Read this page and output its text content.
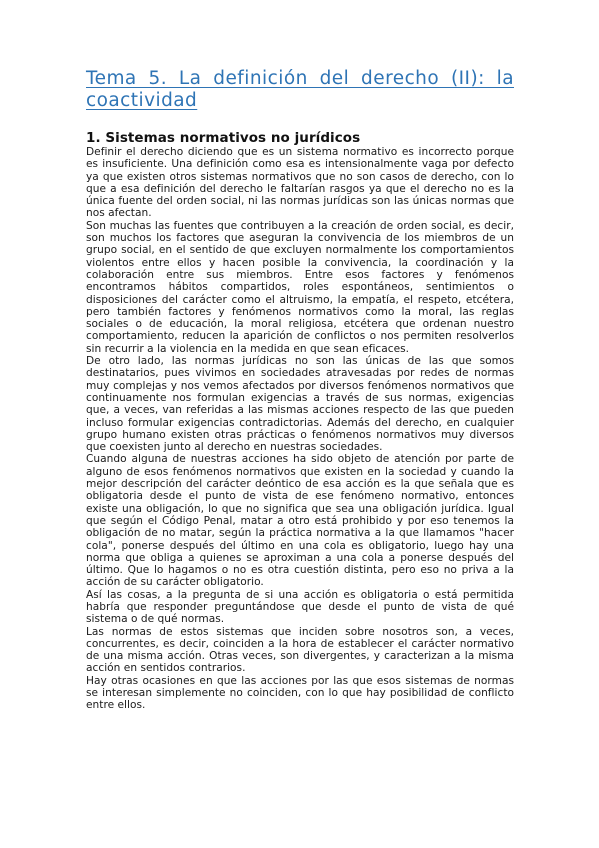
Tema 5. La definición del derecho (II): la coactividad
1. Sistemas normativos no jurídicos

Definir el derecho diciendo que es un sistema normativo es incorrecto porque es insuficiente. Una definición como esa es intensionalmente vaga por defecto ya que existen otros sistemas normativos que no son casos de derecho, con lo que a esa definición del derecho le faltarían rasgos ya que el derecho no es la única fuente del orden social, ni las normas jurídicas son las únicas normas que nos afectan.

Son muchas las fuentes que contribuyen a la creación de orden social, es decir, son muchos los factores que aseguran la convivencia de los miembros de un grupo social, en el sentido de que excluyen normalmente los comportamientos violentos entre ellos y hacen posible la convivencia, la coordinación y la colaboración entre sus miembros. Entre esos factores y fenómenos encontramos hábitos compartidos, roles espontáneos, sentimientos o disposiciones del carácter como el altruismo, la empatía, el respeto, etcétera, pero también factores y fenómenos normativos como la moral, las reglas sociales o de educación, la moral religiosa, etcétera que ordenan nuestro comportamiento, reducen la aparición de conflictos o nos permiten resolverlos sin recurrir a la violencia en la medida en que sean eficaces.

De otro lado, las normas jurídicas no son las únicas de las que somos destinatarios, pues vivimos en sociedades atravesadas por redes de normas muy complejas y nos vemos afectados por diversos fenómenos normativos que continuamente nos formulan exigencias a través de sus normas, exigencias que, a veces, van referidas a las mismas acciones respecto de las que pueden incluso formular exigencias contradictorias. Además del derecho, en cualquier grupo humano existen otras prácticas o fenómenos normativos muy diversos que coexisten junto al derecho en nuestras sociedades.

Cuando alguna de nuestras acciones ha sido objeto de atención por parte de alguno de esos fenómenos normativos que existen en la sociedad y cuando la mejor descripción del carácter deóntico de esa acción es la que señala que es obligatoria desde el punto de vista de ese fenómeno normativo, entonces existe una obligación, lo que no significa que sea una obligación jurídica. Igual que según el Código Penal, matar a otro está prohibido y por eso tenemos la obligación de no matar, según la práctica normativa a la que llamamos "hacer cola", ponerse después del último en una cola es obligatorio, luego hay una norma que obliga a quienes se aproximan a una cola a ponerse después del último. Que lo hagamos o no es otra cuestión distinta, pero eso no priva a la acción de su carácter obligatorio.

Así las cosas, a la pregunta de si una acción es obligatoria o está permitida habría que responder preguntándose que desde el punto de vista de qué sistema o de qué normas.

Las normas de estos sistemas que inciden sobre nosotros son, a veces, concurrentes, es decir, coinciden a la hora de establecer el carácter normativo de una misma acción. Otras veces, son divergentes, y caracterizan a la misma acción en sentidos contrarios.

Hay otras ocasiones en que las acciones por las que esos sistemas de normas se interesan simplemente no coinciden, con lo que hay posibilidad de conflicto entre ellos.
